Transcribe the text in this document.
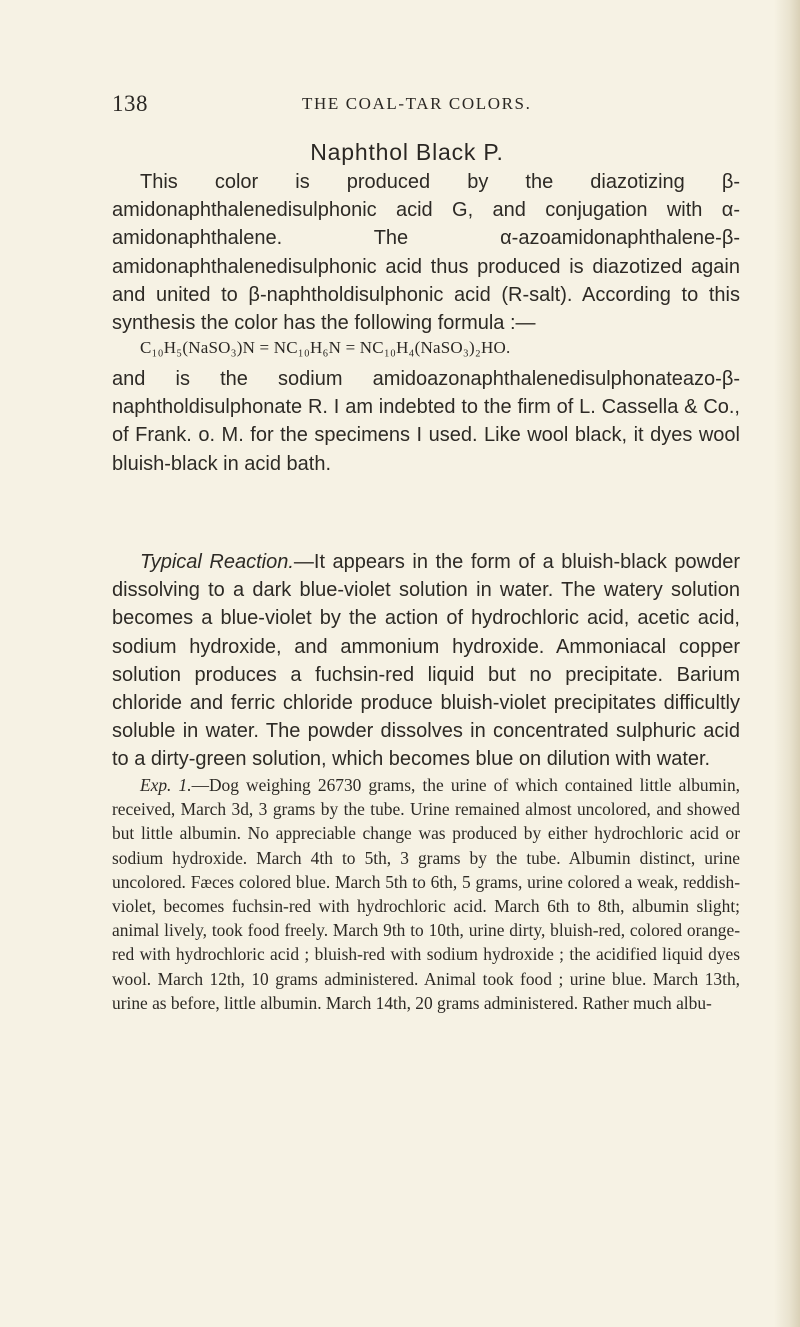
138	THE COAL-TAR COLORS.
Naphthol Black P.

This color is produced by the diazotizing β-amidonaphthalenedisulphonic acid G, and conjugation with α-amidonaphthalene. The α-azoamidonaphthalene-β-amidonaphthalenedisulphonic acid thus produced is diazotized again and united to β-naphtholdisulphonic acid (R-salt). According to this synthesis the color has the following formula :—

C₁₀H₅(NaSO₃)N = NC₁₀H₆N = NC₁₀H₄(NaSO₃)₂HO.

and is the sodium amidoazonaphthalenedisulphonateazo-β-naphtholdisulphonate R. I am indebted to the firm of L. Cassella & Co., of Frank. o. M. for the specimens I used. Like wool black, it dyes wool bluish-black in acid bath.

Typical Reaction.—It appears in the form of a bluish-black powder dissolving to a dark blue-violet solution in water. The watery solution becomes a blue-violet by the action of hydrochloric acid, acetic acid, sodium hydroxide, and ammonium hydroxide. Ammoniacal copper solution produces a fuchsin-red liquid but no precipitate. Barium chloride and ferric chloride produce bluish-violet precipitates difficultly soluble in water. The powder dissolves in concentrated sulphuric acid to a dirty-green solution, which becomes blue on dilution with water.

Exp. 1.—Dog weighing 26730 grams, the urine of which contained little albumin, received, March 3d, 3 grams by the tube. Urine remained almost uncolored, and showed but little albumin. No appreciable change was produced by either hydrochloric acid or sodium hydroxide. March 4th to 5th, 3 grams by the tube. Albumin distinct, urine uncolored. Fæces colored blue. March 5th to 6th, 5 grams, urine colored a weak, reddish-violet, becomes fuchsin-red with hydrochloric acid. March 6th to 8th, albumin slight; animal lively, took food freely. March 9th to 10th, urine dirty, bluish-red, colored orange-red with hydrochloric acid ; bluish-red with sodium hydroxide ; the acidified liquid dyes wool. March 12th, 10 grams administered. Animal took food ; urine blue. March 13th, urine as before, little albumin. March 14th, 20 grams administered. Rather much albu-
